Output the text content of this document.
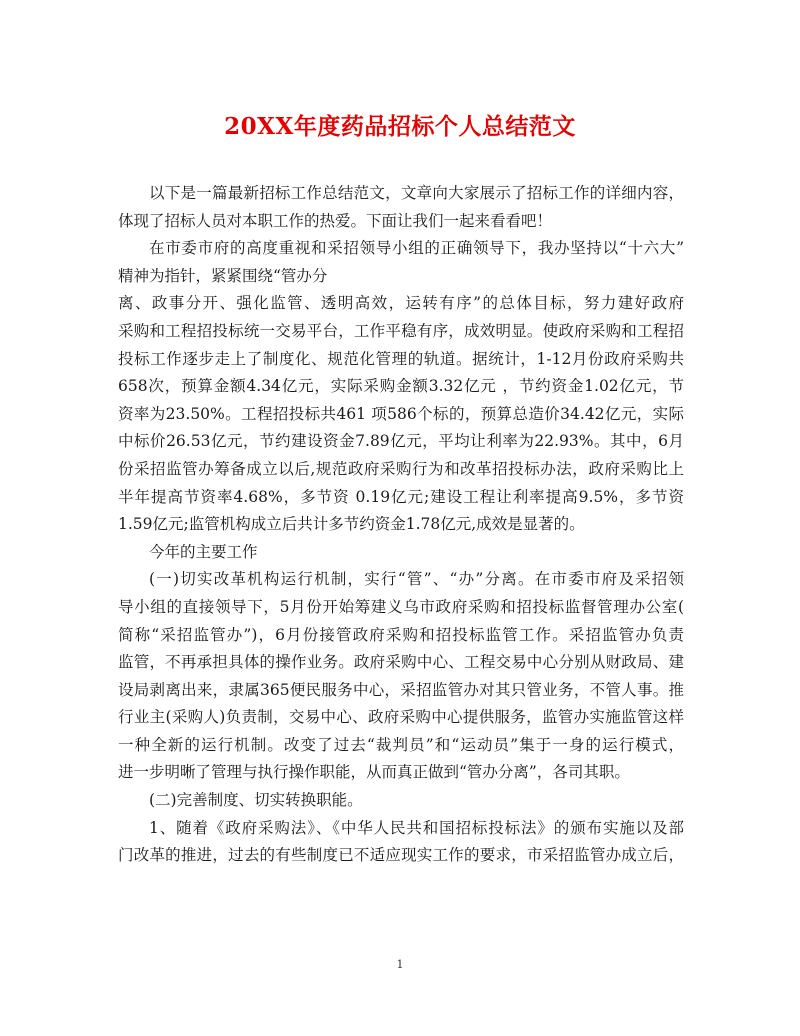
20XX年度药品招标个人总结范文
以下是一篇最新招标工作总结范文，文章向大家展示了招标工作的详细内容，
体现了招标人员对本职工作的热爱。下面让我们一起来看看吧！
在市委市府的高度重视和采招领导小组的正确领导下，我办坚持以“十六大”
精神为指针，紧紧围绕“管办分
离、政事分开、强化监管、透明高效，运转有序”的总体目标，努力建好政府
采购和工程招投标统一交易平台，工作平稳有序，成效明显。使政府采购和工程招
投标工作逐步走上了制度化、规范化管理的轨道。据统计，1-12月份政府采购共
658次，预算金额4.34亿元，实际采购金额3.32亿元 ，节约资金1.02亿元，节
资率为23.50%。工程招投标共461 项586个标的，预算总造价34.42亿元，实际
中标价26.53亿元，节约建设资金7.89亿元，平均让利率为22.93%。其中，6月
份采招监管办筹备成立以后,规范政府采购行为和改革招投标办法，政府采购比上
半年提高节资率4.68%，多节资 0.19亿元;建设工程让利率提高9.5%，多节资
1.59亿元;监管机构成立后共计多节约资金1.78亿元,成效是显著的。
今年的主要工作
(一)切实改革机构运行机制，实行“管”、“办”分离。在市委市府及采招领
导小组的直接领导下，5月份开始筹建义乌市政府采购和招投标监督管理办公室(
简称“采招监管办”)，6月份接管政府采购和招投标监管工作。采招监管办负责
监管，不再承担具体的操作业务。政府采购中心、工程交易中心分别从财政局、建
设局剥离出来，隶属365便民服务中心，采招监管办对其只管业务，不管人事。推
行业主(采购人)负责制，交易中心、政府采购中心提供服务，监管办实施监管这样
一种全新的运行机制。改变了过去“裁判员”和“运动员”集于一身的运行模式，
进一步明晰了管理与执行操作职能，从而真正做到“管办分离”，各司其职。
(二)完善制度、切实转换职能。
1、随着《政府采购法》、《中华人民共和国招标投标法》的颁布实施以及部
门改革的推进，过去的有些制度已不适应现实工作的要求，市采招监管办成立后，
1
